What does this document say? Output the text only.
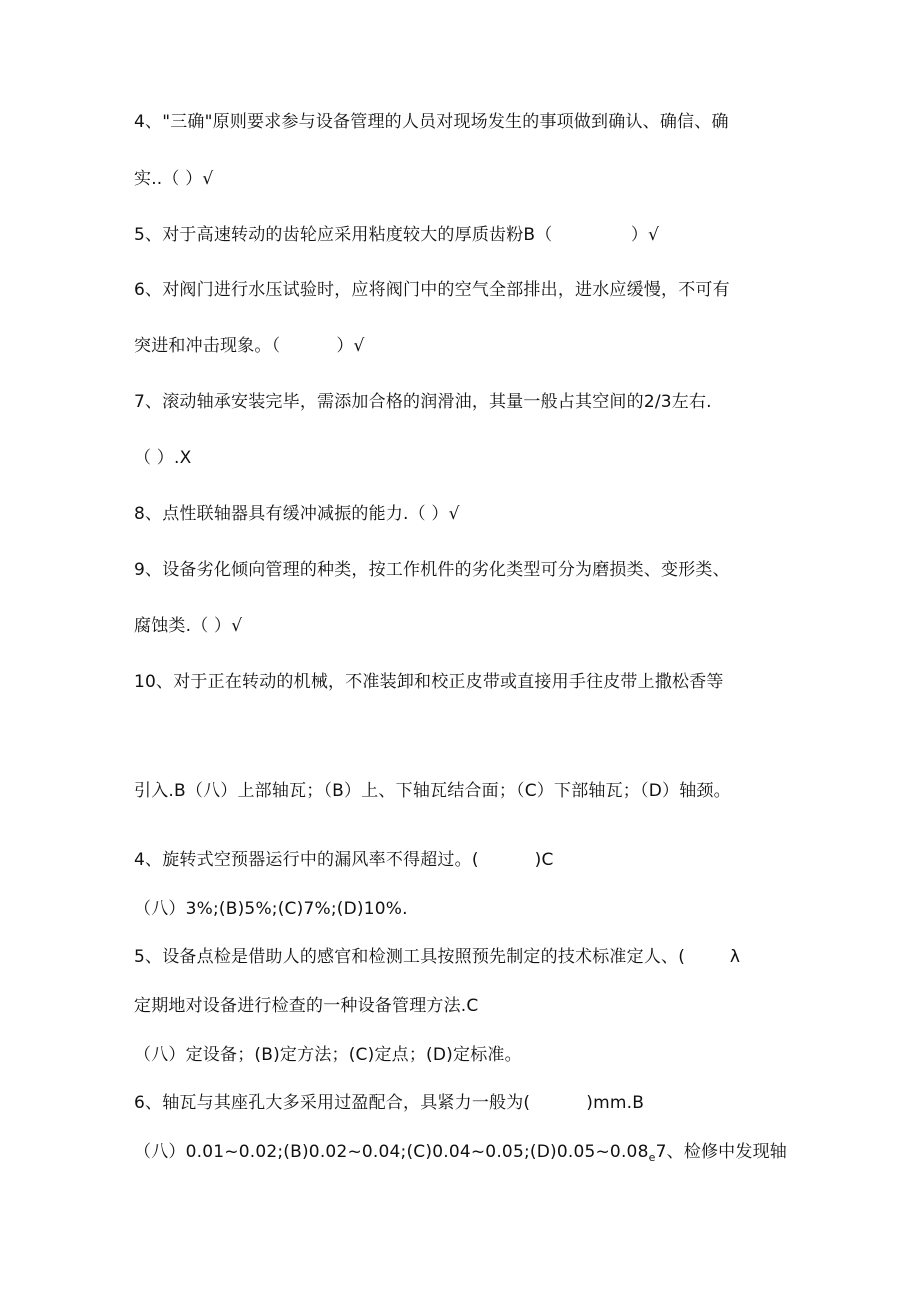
4、"三确"原则要求参与设备管理的人员对现场发生的事项做到确认、确信、确
实..（ ）√
5、对于高速转动的齿轮应采用粘度较大的厚质齿粉B（              ）√
6、对阀门进行水压试验时，应将阀门中的空气全部排出，进水应缓慢，不可有
突进和冲击现象。（          ）√
7、滚动轴承安装完毕，需添加合格的润滑油，其量一般占其空间的2/3左右.
（ ）.X
8、点性联轴器具有缓冲减振的能力.（ ）√
9、设备劣化倾向管理的种类，按工作机件的劣化类型可分为磨损类、变形类、
腐蚀类.（ ）√
10、对于正在转动的机械，不准装卸和校正皮带或直接用手往皮带上撒松香等
引入.B（八）上部轴瓦；（B）上、下轴瓦结合面；（C）下部轴瓦；（D）轴颈。
4、旋转式空预器运行中的漏风率不得超过。(          )C
（八）3%;(B)5%;(C)7%;(D)10%.
5、设备点检是借助人的感官和检测工具按照预先制定的技术标准定人、(        λ
定期地对设备进行检查的一种设备管理方法.C
（八）定设备；(B)定方法；(C)定点；(D)定标准。
6、轴瓦与其座孔大多采用过盈配合，具紧力一般为(          )mm.B
（八）$0.01\sim 0.02;(B)0.02\sim 0.04;(C)0.04\sim 0.05;(D)0.05\sim 0.08_e7$、检修中发现轴
